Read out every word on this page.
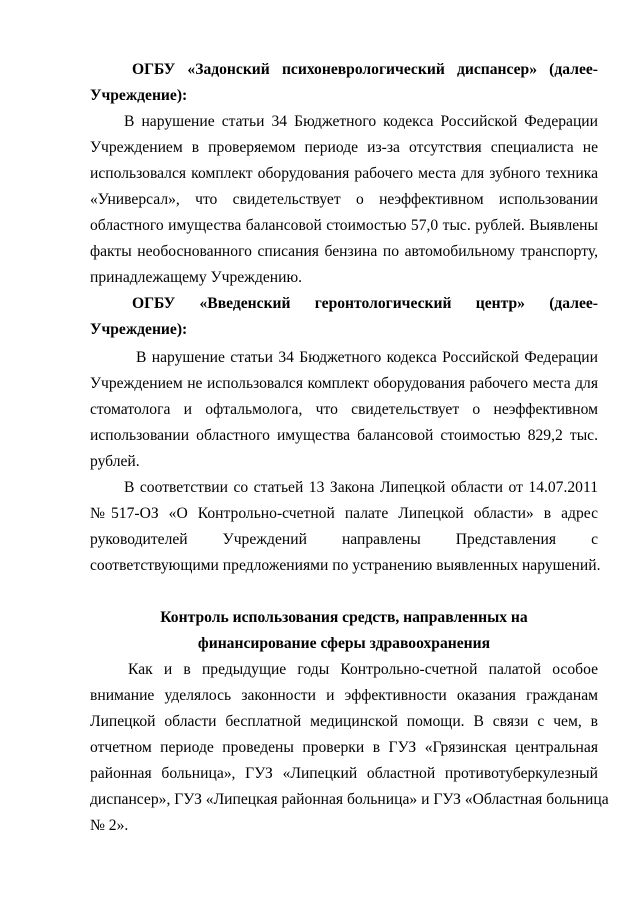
ОГБУ «Задонский психоневрологический диспансер» (далее-
Учреждение):
В нарушение статьи 34 Бюджетного кодекса Российской Федерации
Учреждением в проверяемом периоде из-за отсутствия специалиста не
использовался комплект оборудования рабочего места для зубного техника
«Универсал», что свидетельствует о неэффективном использовании
областного имущества балансовой стоимостью 57,0 тыс. рублей. Выявлены
факты необоснованного списания бензина по автомобильному транспорту,
принадлежащему Учреждению.
ОГБУ «Введенский геронтологический центр» (далее-
Учреждение):
В нарушение статьи 34 Бюджетного кодекса Российской Федерации
Учреждением не использовался комплект оборудования рабочего места для
стоматолога и офтальмолога, что свидетельствует о неэффективном
использовании областного имущества балансовой стоимостью 829,2 тыс.
рублей.
В соответствии со статьей 13 Закона Липецкой области от 14.07.2011
№517-ОЗ «О Контрольно-счетной палате Липецкой области» в адрес
руководителей Учреждений направлены Представления с
соответствующими предложениями по устранению выявленных нарушений.
Контроль использования средств, направленных на
финансирование сферы здравоохранения
Как и в предыдущие годы Контрольно-счетной палатой особое
внимание уделялось законности и эффективности оказания гражданам
Липецкой области бесплатной медицинской помощи. В связи с чем, в
отчетном периоде проведены проверки в ГУЗ «Грязинская центральная
районная больница», ГУЗ «Липецкий областной противотуберкулезный
диспансер», ГУЗ «Липецкая районная больница» и ГУЗ «Областная больница
№ 2».
